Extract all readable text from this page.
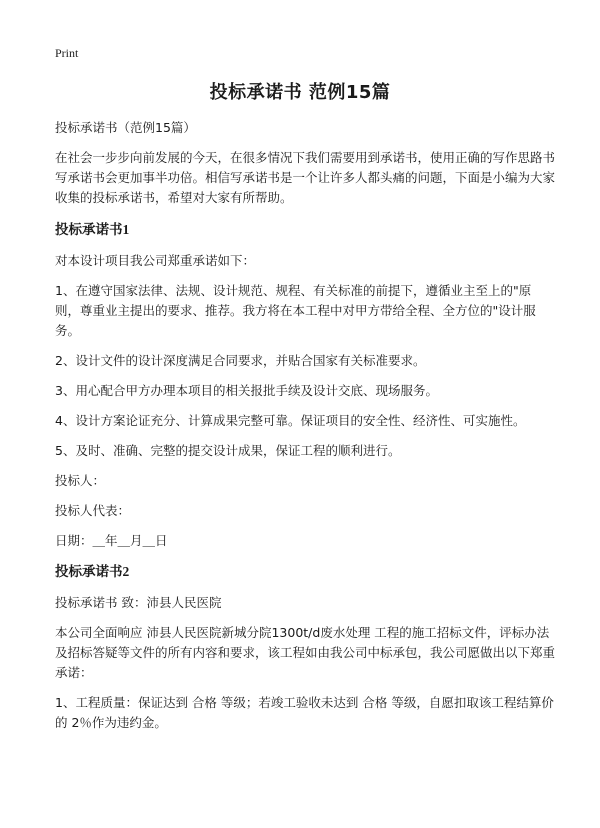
Print
投标承诺书 范例15篇

投标承诺书（范例15篇）

在社会一步步向前发展的今天，在很多情况下我们需要用到承诺书，使用正确的写作思路书写承诺书会更加事半功倍。相信写承诺书是一个让许多人都头痛的问题，下面是小编为大家收集的投标承诺书，希望对大家有所帮助。

投标承诺书1

对本设计项目我公司郑重承诺如下：

1、在遵守国家法律、法规、设计规范、规程、有关标准的前提下，遵循业主至上的"原则，尊重业主提出的要求、推荐。我方将在本工程中对甲方带给全程、全方位的"设计服务。

2、设计文件的设计深度满足合同要求，并贴合国家有关标准要求。

3、用心配合甲方办理本项目的相关报批手续及设计交底、现场服务。

4、设计方案论证充分、计算成果完整可靠。保证项目的安全性、经济性、可实施性。

5、及时、准确、完整的提交设计成果，保证工程的顺利进行。

投标人：

投标人代表：

日期：＿年＿月＿日

投标承诺书2

投标承诺书 致：沛县人民医院

本公司全面响应 沛县人民医院新城分院1300t/d废水处理 工程的施工招标文件，评标办法及招标答疑等文件的所有内容和要求，该工程如由我公司中标承包，我公司愿做出以下郑重承诺：

1、工程质量：保证达到 合格 等级；若竣工验收未达到 合格 等级，自愿扣取该工程结算价的 2％作为违约金。
